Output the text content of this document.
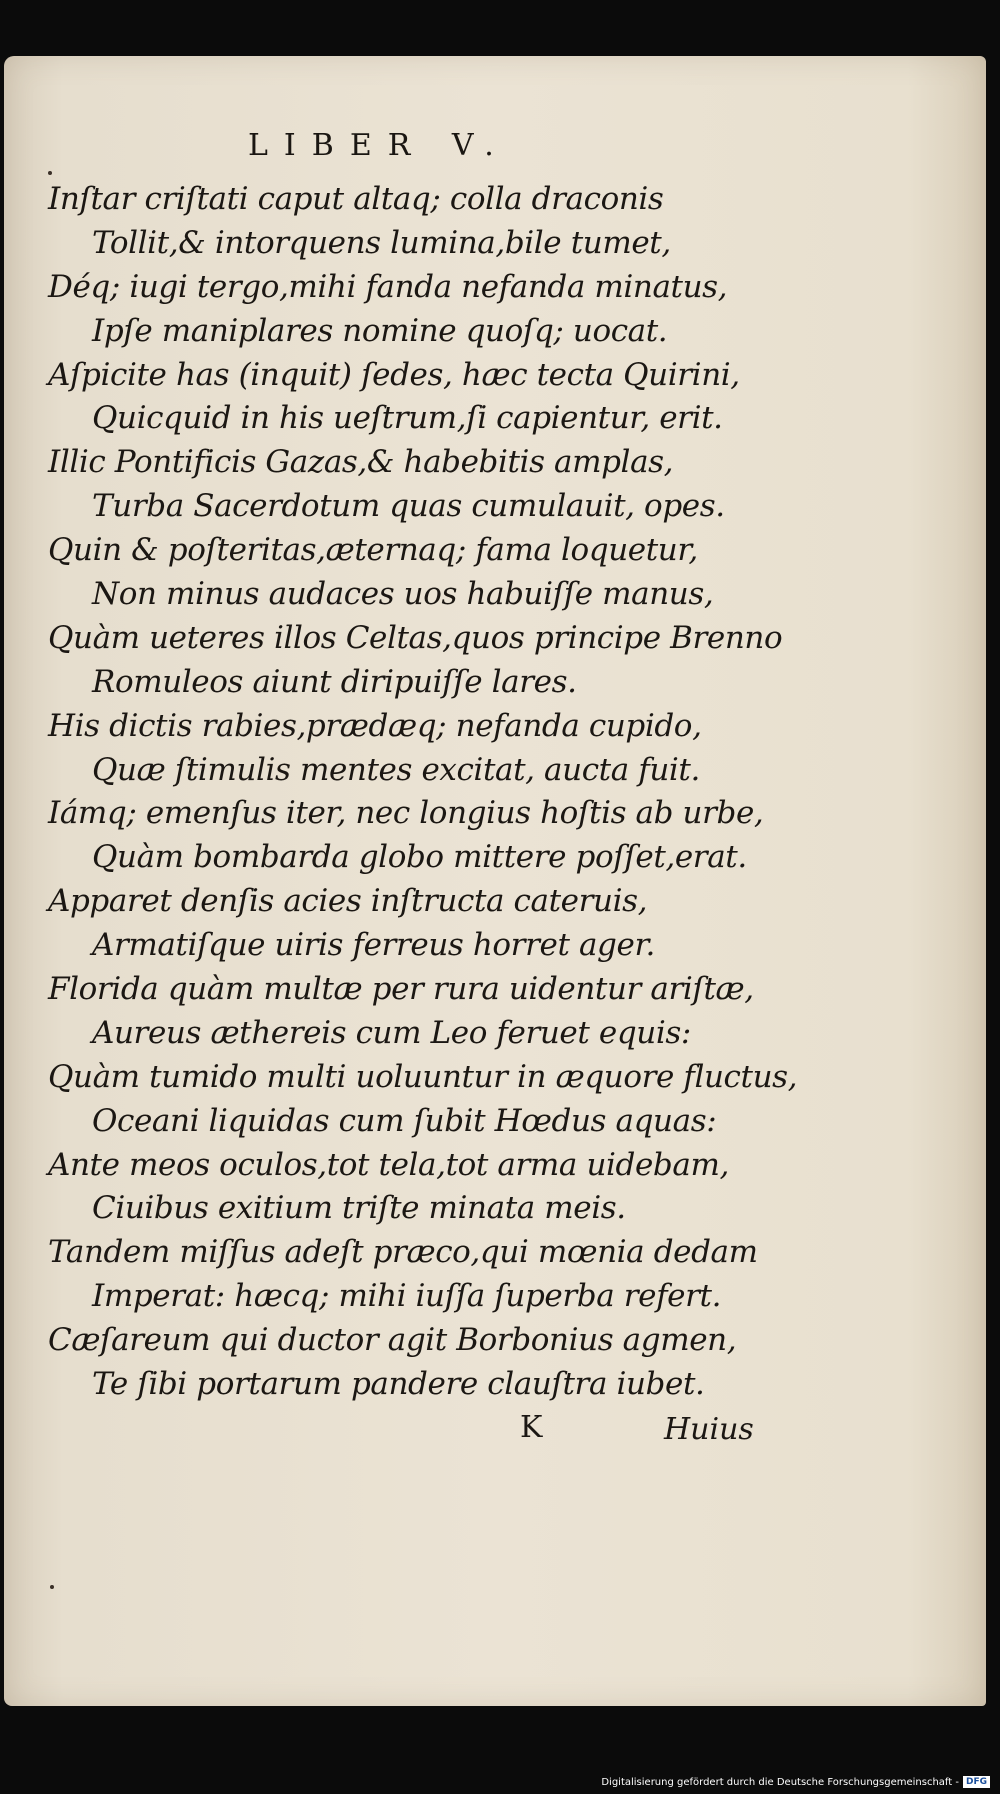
LIBER V.
Inſtar criſtati caput altaq; colla draconis
Tollit,& intorquens lumina,bile tumet,
Déq; iugi tergo,mihi fanda nefanda minatus,
Ipſe maniplares nomine quoſq; uocat.
Aſpicite has (inquit) ſedes, hæc tecta Quirini,
Quicquid in his ueſtrum,ſi capientur, erit.
Illic Pontificis Gazas,& habebitis amplas,
Turba Sacerdotum quas cumulauit, opes.
Quin & poſteritas,æternaq; fama loquetur,
Non minus audaces uos habuiſſe manus,
Quàm ueteres illos Celtas,quos principe Brenno
Romuleos aiunt diripuiſſe lares.
His dictis rabies,prædæq; nefanda cupido,
Quæ ſtimulis mentes excitat, aucta fuit.
Iámq; emenſus iter, nec longius hoſtis ab urbe,
Quàm bombarda globo mittere poſſet,erat.
Apparet denſis acies inſtructa cateruis,
Armatiſque uiris ferreus horret ager.
Florida quàm multæ per rura uidentur ariſtæ,
Aureus æthereis cum Leo feruet equis:
Quàm tumido multi uoluuntur in æquore fluctus,
Oceani liquidas cum ſubit Hœdus aquas:
Ante meos oculos,tot tela,tot arma uidebam,
Ciuibus exitium triſte minata meis.
Tandem miſſus adeſt præco,qui mœnia dedam
Imperat: hæcq; mihi iuſſa ſuperba refert.
Cæſareum qui ductor agit Borbonius agmen,
Te ſibi portarum pandere clauſtra iubet.
K	Huius
Digitalisierung gefördert durch die Deutsche Forschungsgemeinschaft - DFG
